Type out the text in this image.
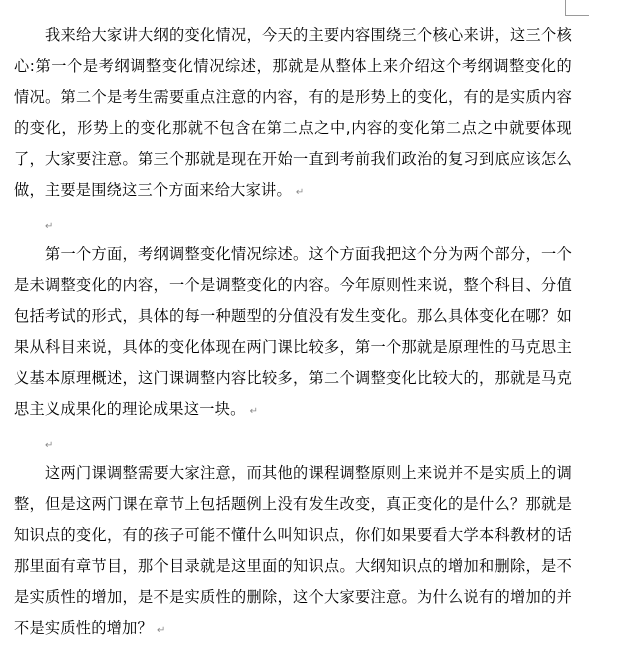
我来给大家讲大纲的变化情况，今天的主要内容围绕三个核心来讲，这三个核心:第一个是考纲调整变化情况综述，那就是从整体上来介绍这个考纲调整变化的情况。第二个是考生需要重点注意的内容，有的是形势上的变化，有的是实质内容的变化，形势上的变化那就不包含在第二点之中,内容的变化第二点之中就要体现了，大家要注意。第三个那就是现在开始一直到考前我们政治的复习到底应该怎么做，主要是围绕这三个方面来给大家讲。 ↵

↵

第一个方面，考纲调整变化情况综述。这个方面我把这个分为两个部分，一个是未调整变化的内容，一个是调整变化的内容。今年原则性来说，整个科目、分值包括考试的形式，具体的每一种题型的分值没有发生变化。那么具体变化在哪？如果从科目来说，具体的变化体现在两门课比较多，第一个那就是原理性的马克思主义基本原理概述，这门课调整内容比较多，第二个调整变化比较大的，那就是马克思主义成果化的理论成果这一块。 ↵

↵

这两门课调整需要大家注意，而其他的课程调整原则上来说并不是实质上的调整，但是这两门课在章节上包括题例上没有发生改变，真正变化的是什么？那就是知识点的变化，有的孩子可能不懂什么叫知识点，你们如果要看大学本科教材的话那里面有章节目，那个目录就是这里面的知识点。大纲知识点的增加和删除，是不是实质性的增加，是不是实质性的删除，这个大家要注意。为什么说有的增加的并不是实质性的增加？ ↵
